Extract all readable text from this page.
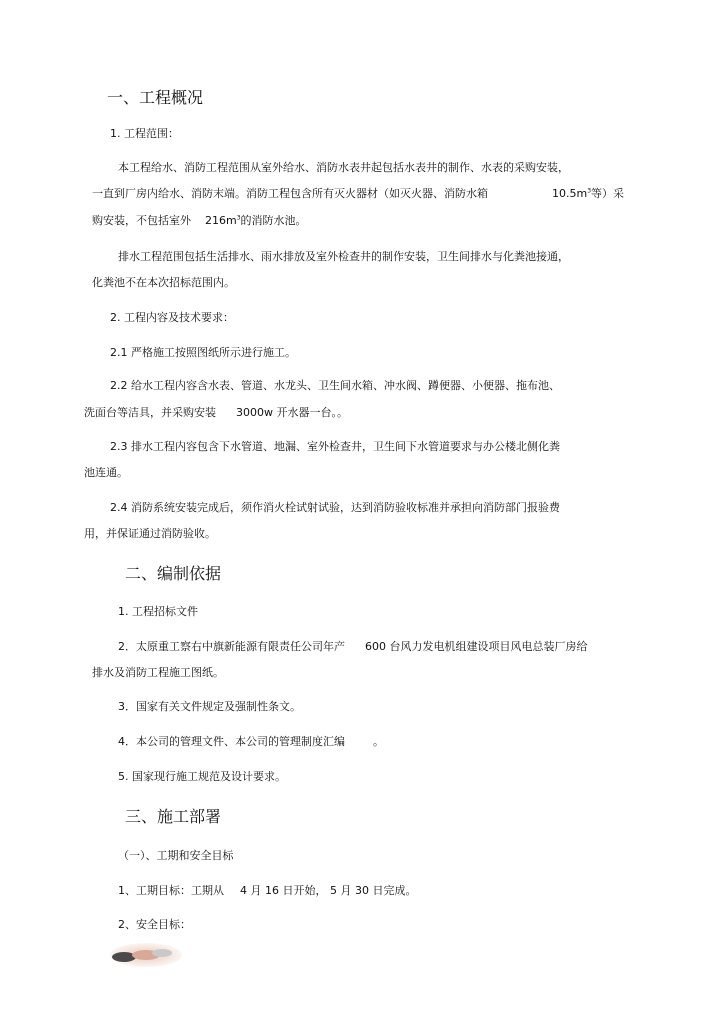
一、工程概况
1. 工程范围：
本工程给水、消防工程范围从室外给水、消防水表井起包括水表井的制作、水表的采购安装，
一直到厂房内给水、消防末端。消防工程包含所有灭火器材（如灭火器、消防水箱	$10.5m^3$等）采
购安装，不包括室外 $216m^3$的消防水池。
排水工程范围包括生活排水、雨水排放及室外检查井的制作安装，卫生间排水与化粪池接通，
化粪池不在本次招标范围内。
2. 工程内容及技术要求：
2.1 严格施工按照图纸所示进行施工。
2.2 给水工程内容含水表、管道、水龙头、卫生间水箱、冲水阀、蹲便器、小便器、拖布池、
洗面台等洁具，并采购安装 3000w 开水器一台。。
2.3 排水工程内容包含下水管道、地漏、室外检查井，卫生间下水管道要求与办公楼北侧化粪
池连通。
2.4 消防系统安装完成后，须作消火栓试射试验，达到消防验收标准并承担向消防部门报验费
用，并保证通过消防验收。
二、编制依据
1. 工程招标文件
2．太原重工察右中旗新能源有限责任公司年产 600 台风力发电机组建设项目风电总装厂房给
排水及消防工程施工图纸。
3．国家有关文件规定及强制性条文。
4．本公司的管理文件、本公司的管理制度汇编	。
5. 国家现行施工规范及设计要求。
三、施工部署
（一）、工期和安全目标
1、工期目标：工期从 4 月 16 日开始， 5 月 30 日完成。
2、安全目标：
